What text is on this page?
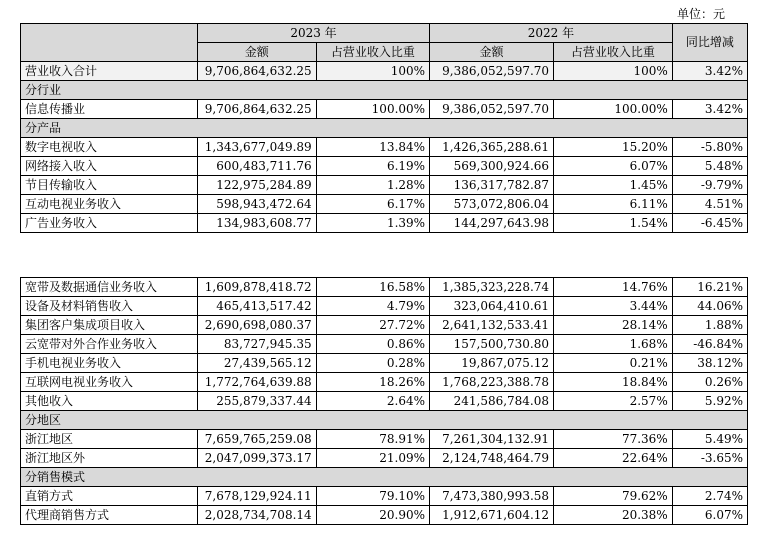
单位：元
	2023 年		2022 年		同比增减
	金额	占营业收入比重	金额	占营业收入比重	
营业收入合计	9,706,864,632.25	100%	9,386,052,597.70	100%	3.42%
分行业					
信息传播业	9,706,864,632.25	100.00%	9,386,052,597.70	100.00%	3.42%
分产品					
数字电视收入	1,343,677,049.89	13.84%	1,426,365,288.61	15.20%	-5.80%
网络接入收入	600,483,711.76	6.19%	569,300,924.66	6.07%	5.48%
节目传输收入	122,975,284.89	1.28%	136,317,782.87	1.45%	-9.79%
互动电视业务收入	598,943,472.64	6.17%	573,072,806.04	6.11%	4.51%
广告业务收入	134,983,608.77	1.39%	144,297,643.98	1.54%	-6.45%
宽带及数据通信业务收入	1,609,878,418.72	16.58%	1,385,323,228.74	14.76%	16.21%
设备及材料销售收入	465,413,517.42	4.79%	323,064,410.61	3.44%	44.06%
集团客户集成项目收入	2,690,698,080.37	27.72%	2,641,132,533.41	28.14%	1.88%
云宽带对外合作业务收入	83,727,945.35	0.86%	157,500,730.80	1.68%	-46.84%
手机电视业务收入	27,439,565.12	0.28%	19,867,075.12	0.21%	38.12%
互联网电视业务收入	1,772,764,639.88	18.26%	1,768,223,388.78	18.84%	0.26%
其他收入	255,879,337.44	2.64%	241,586,784.08	2.57%	5.92%
分地区					
浙江地区	7,659,765,259.08	78.91%	7,261,304,132.91	77.36%	5.49%
浙江地区外	2,047,099,373.17	21.09%	2,124,748,464.79	22.64%	-3.65%
分销售模式					
直销方式	7,678,129,924.11	79.10%	7,473,380,993.58	79.62%	2.74%
代理商销售方式	2,028,734,708.14	20.90%	1,912,671,604.12	20.38%	6.07%
